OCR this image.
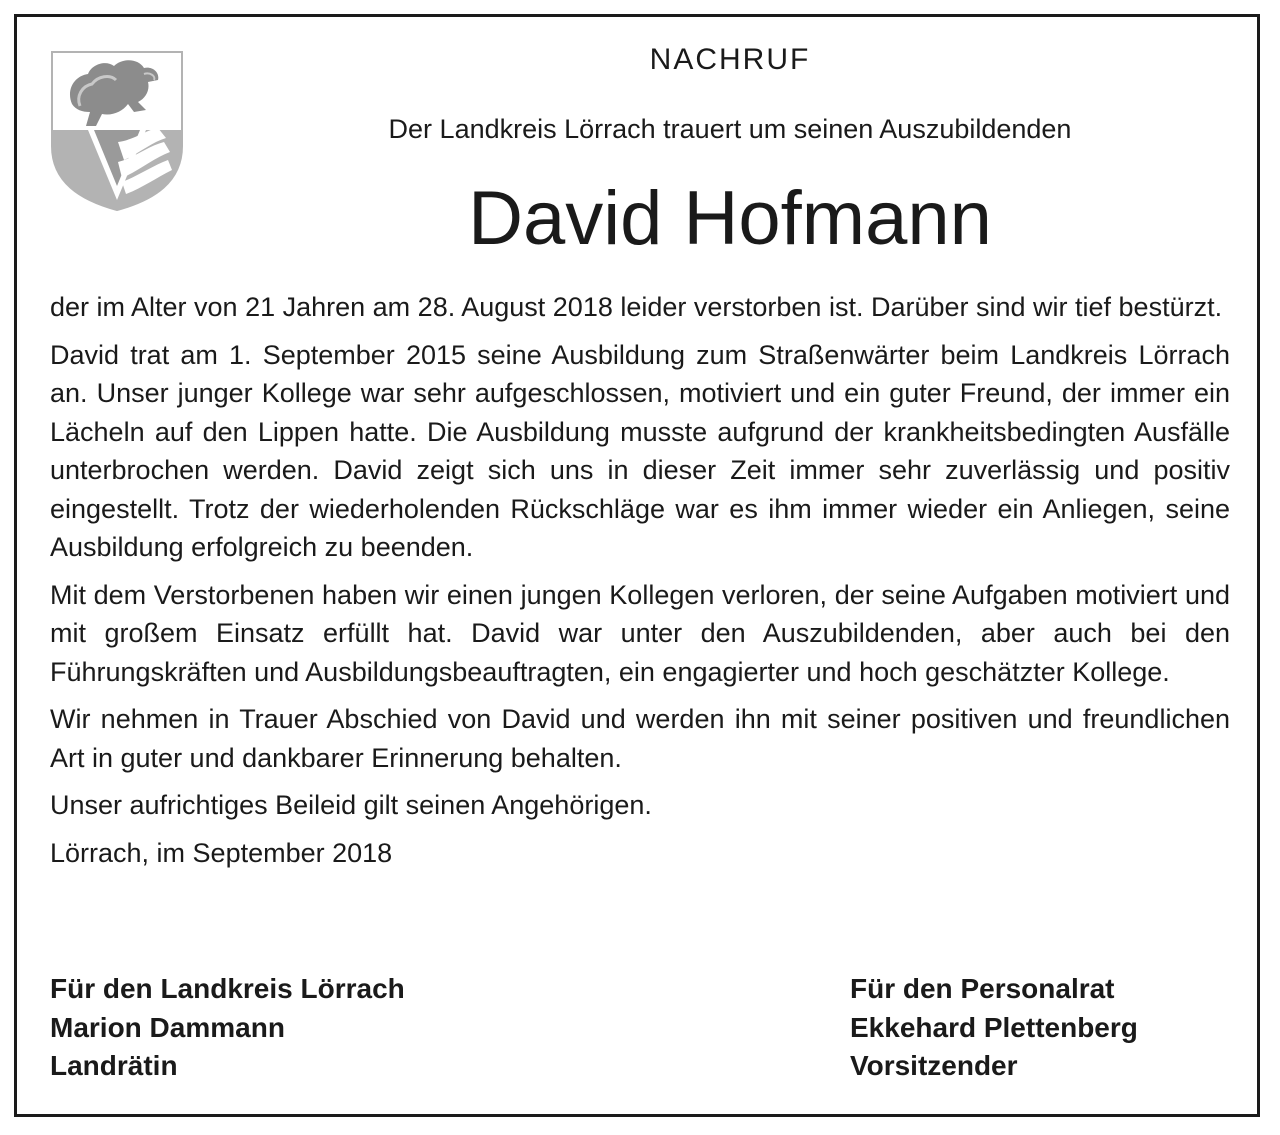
NACHRUF
Der Landkreis Lörrach trauert um seinen Auszubildenden
David Hofmann

der im Alter von 21 Jahren am 28. August 2018 leider verstorben ist. Darüber sind wir tief bestürzt.

David trat am 1. September 2015 seine Ausbildung zum Straßenwärter beim Landkreis Lörrach an. Unser junger Kollege war sehr aufgeschlossen, motiviert und ein guter Freund, der immer ein Lächeln auf den Lippen hatte. Die Ausbildung musste aufgrund der krankheitsbedingten Ausfälle unterbrochen werden. David zeigt sich uns in dieser Zeit immer sehr zuverlässig und positiv eingestellt. Trotz der wiederholenden Rückschläge war es ihm immer wieder ein Anliegen, seine Ausbildung erfolgreich zu beenden.

Mit dem Verstorbenen haben wir einen jungen Kollegen verloren, der seine Aufgaben motiviert und mit großem Einsatz erfüllt hat. David war unter den Auszubildenden, aber auch bei den Führungskräften und Ausbildungsbeauftragten, ein engagierter und hoch geschätzter Kollege.

Wir nehmen in Trauer Abschied von David und werden ihn mit seiner positiven und freundlichen Art in guter und dankbarer Erinnerung behalten.

Unser aufrichtiges Beileid gilt seinen Angehörigen.

Lörrach, im September 2018

Für den Landkreis Lörrach
Marion Dammann
Landrätin
Für den Personalrat
Ekkehard Plettenberg
Vorsitzender
